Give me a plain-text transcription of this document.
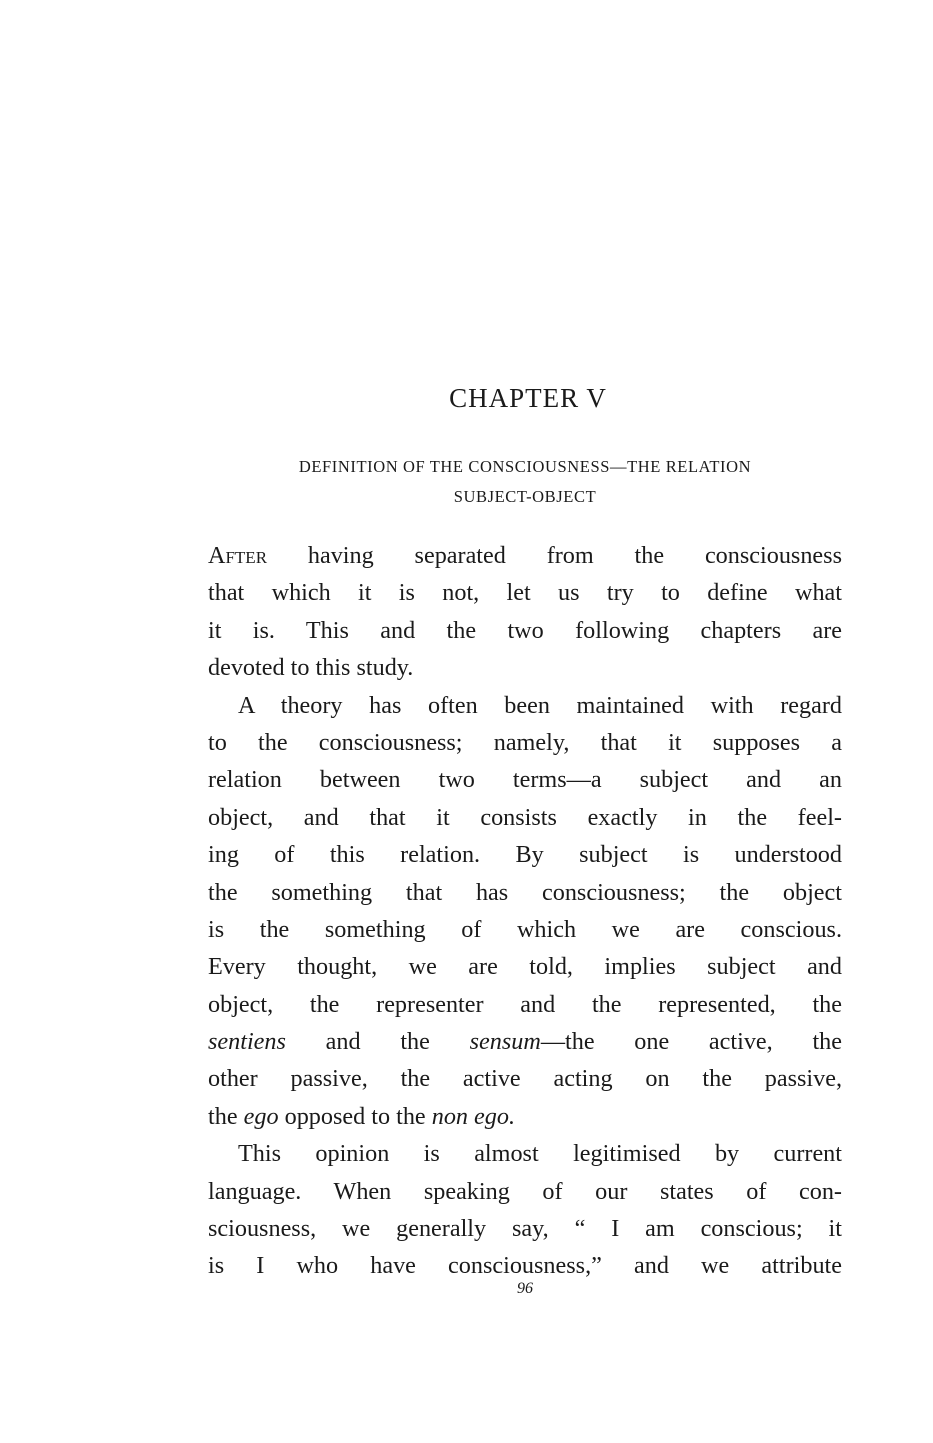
CHAPTER V
DEFINITION OF THE CONSCIOUSNESS—THE RELATION
SUBJECT-OBJECT

After having separated from the consciousness
that which it is not, let us try to define what
it is. This and the two following chapters are
devoted to this study.

A theory has often been maintained with regard
to the consciousness; namely, that it supposes a
relation between two terms—a subject and an
object, and that it consists exactly in the feel-
ing of this relation. By subject is understood
the something that has consciousness; the object
is the something of which we are conscious.
Every thought, we are told, implies subject and
object, the representer and the represented, the
sentiens and the sensum—the one active, the
other passive, the active acting on the passive,
the ego opposed to the non ego.

This opinion is almost legitimised by current
language. When speaking of our states of con-
sciousness, we generally say, “ I am conscious; it
is I who have consciousness,” and we attribute

96
